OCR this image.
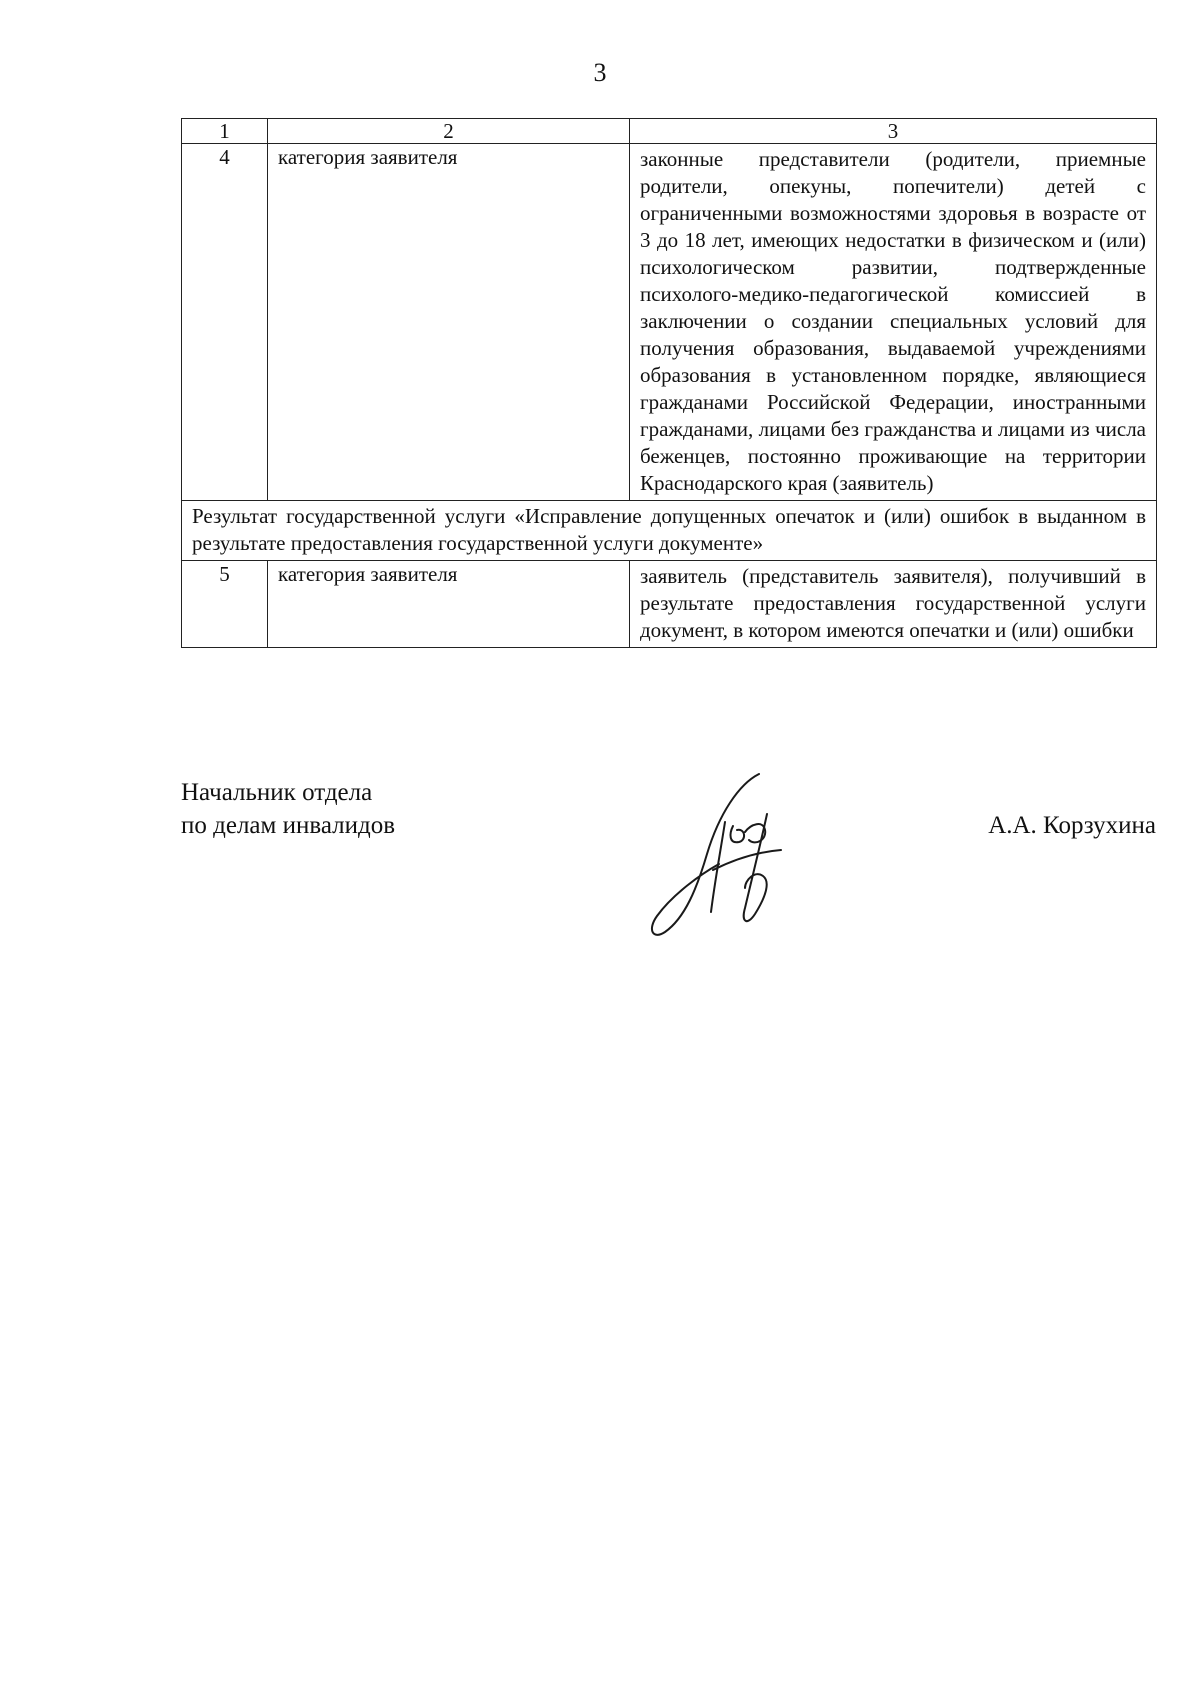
3
1	2	3
4	категория заявителя	законные представители (родители, приемные родители, опекуны, попечители) детей с ограниченными возможностями здоровья в возрасте от 3 до 18 лет, имеющих недостатки в физическом и (или) психологическом развитии, подтвержденные психолого-медико-педагогической комиссией в заключении о создании специальных условий для получения образования, выдаваемой учреждениями образования в установленном порядке, являющиеся гражданами Российской Федерации, иностранными гражданами, лицами без гражданства и лицами из числа беженцев, постоянно проживающие на территории Краснодарского края (заявитель)
Результат государственной услуги «Исправление допущенных опечаток и (или) ошибок в выданном в результате предоставления государственной услуги документе»		
5	категория заявителя	заявитель (представитель заявителя), получивший в результате предоставления государственной услуги документ, в котором имеются опечатки и (или) ошибки
Начальник отдела
по делам инвалидов	А.А. Корзухина
